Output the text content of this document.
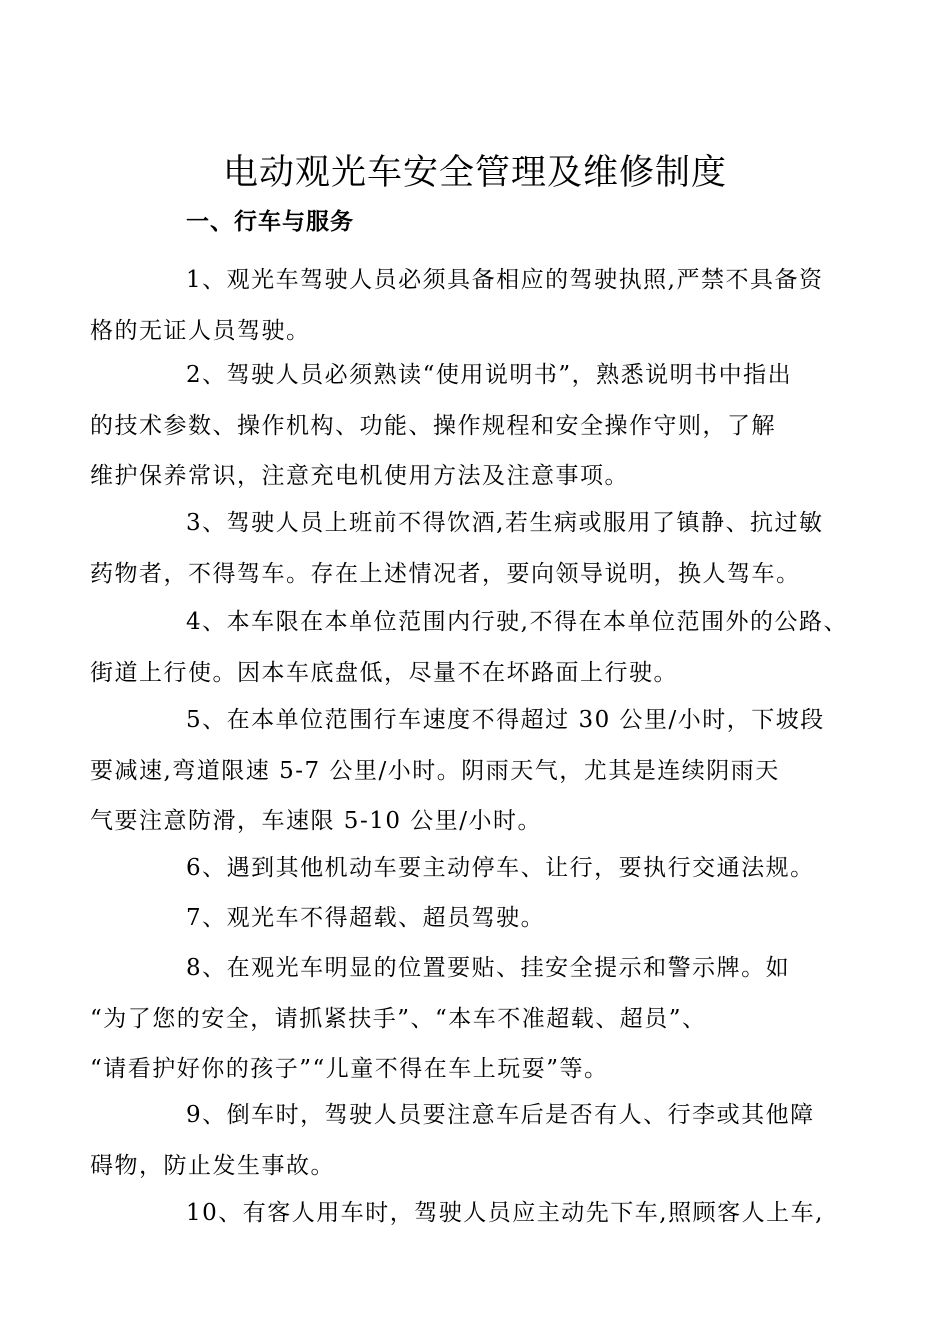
电动观光车安全管理及维修制度
一、行车与服务
1、观光车驾驶人员必须具备相应的驾驶执照,严禁不具备资
格的无证人员驾驶。
2、驾驶人员必须熟读“使用说明书”，熟悉说明书中指出
的技术参数、操作机构、功能、操作规程和安全操作守则，了解
维护保养常识，注意充电机使用方法及注意事项。
3、驾驶人员上班前不得饮酒,若生病或服用了镇静、抗过敏
药物者，不得驾车。存在上述情况者，要向领导说明，换人驾车。
4、本车限在本单位范围内行驶,不得在本单位范围外的公路、
街道上行使。因本车底盘低，尽量不在坏路面上行驶。
5、在本单位范围行车速度不得超过 30 公里/小时，下坡段
要减速,弯道限速 5-7 公里/小时。阴雨天气，尤其是连续阴雨天
气要注意防滑，车速限 5-10 公里/小时。
6、遇到其他机动车要主动停车、让行，要执行交通法规。
7、观光车不得超载、超员驾驶。
8、在观光车明显的位置要贴、挂安全提示和警示牌。如
“为了您的安全，请抓紧扶手”、“本车不准超载、超员”、
“请看护好你的孩子”“儿童不得在车上玩耍”等。
9、倒车时，驾驶人员要注意车后是否有人、行李或其他障
碍物，防止发生事故。
10、有客人用车时，驾驶人员应主动先下车,照顾客人上车,
